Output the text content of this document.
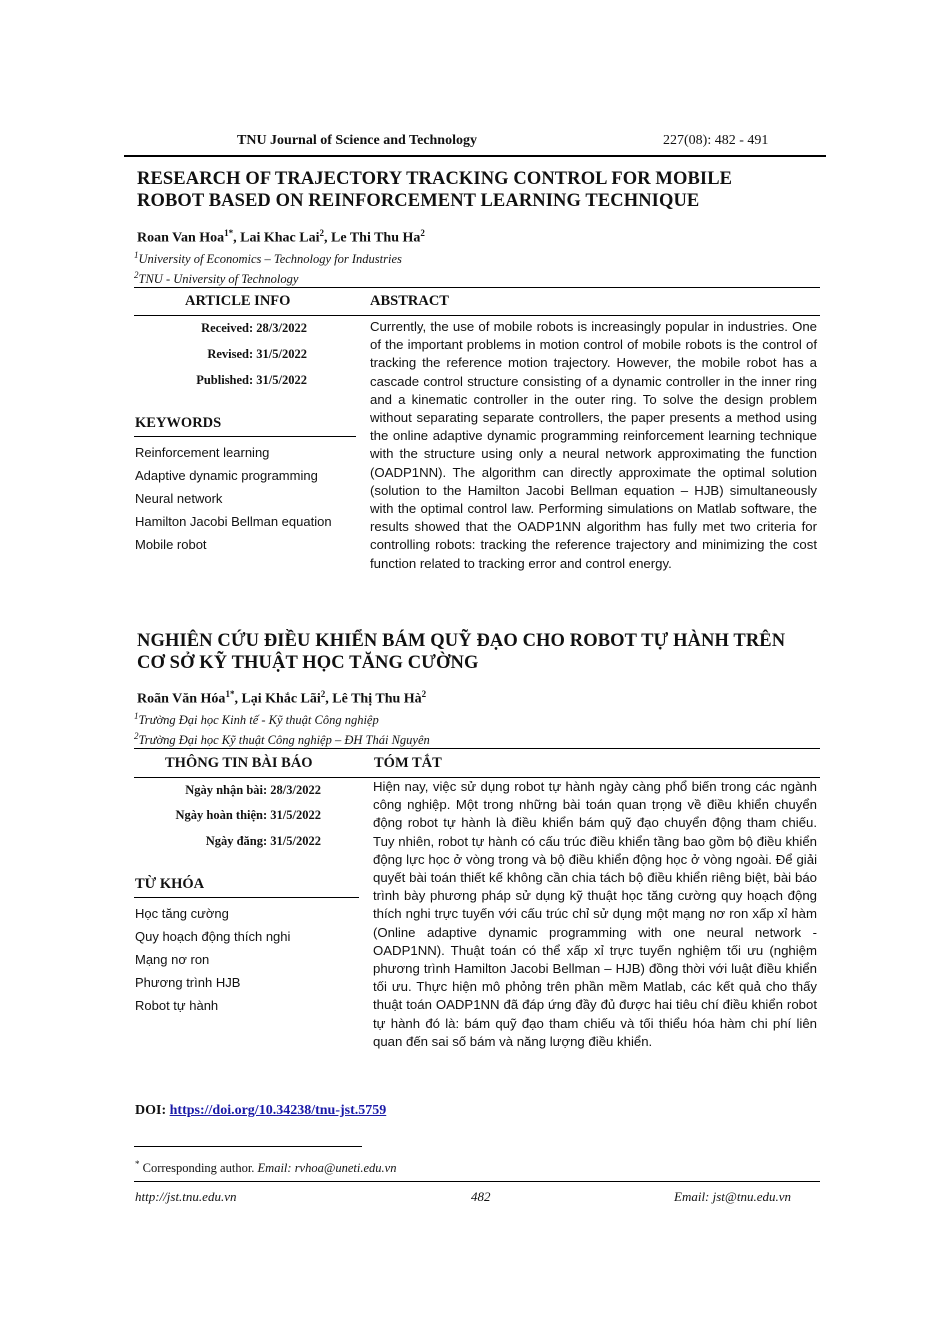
TNU Journal of Science and Technology	227(08): 482 - 491
RESEARCH OF TRAJECTORY TRACKING CONTROL FOR MOBILE
ROBOT BASED ON REINFORCEMENT LEARNING TECHNIQUE
Roan Van Hoa$^{1*}$, Lai Khac Lai$^2$, Le Thi Thu Ha$^2$
$^1$University of Economics – Technology for Industries
$^2$TNU - University of Technology
ARTICLE INFO	ABSTRACT
Received: 28/3/2022
Revised: 31/5/2022
Published: 31/5/2022
KEYWORDS
Reinforcement learning
Adaptive dynamic programming
Neural network
Hamilton Jacobi Bellman equation
Mobile robot
Currently, the use of mobile robots is increasingly popular in industries. One of the important problems in motion control of mobile robots is the control of tracking the reference motion trajectory. However, the mobile robot has a cascade control structure consisting of a dynamic controller in the inner ring and a kinematic controller in the outer ring. To solve the design problem without separating separate controllers, the paper presents a method using the online adaptive dynamic programming reinforcement learning technique with the structure using only a neural network approximating the function (OADP1NN). The algorithm can directly approximate the optimal solution (solution to the Hamilton Jacobi Bellman equation – HJB) simultaneously with the optimal control law. Performing simulations on Matlab software, the results showed that the OADP1NN algorithm has fully met two criteria for controlling robots: tracking the reference trajectory and minimizing the cost function related to tracking error and control energy.
NGHIÊN CỨU ĐIỀU KHIỂN BÁM QUỸ ĐẠO CHO ROBOT TỰ HÀNH TRÊN
CƠ SỞ KỸ THUẬT HỌC TĂNG CƯỜNG
Roãn Văn Hóa$^{1*}$, Lại Khắc Lãi$^2$, Lê Thị Thu $Hà^2$
$^1$Trường Đại học Kinh tế - Kỹ thuật Công nghiệp
$^2$Trường Đại học Kỹ thuật Công nghiệp – ĐH Thái Nguyên
THÔNG TIN BÀI BÁO	TÓM TẮT
Ngày nhận bài: 28/3/2022
Ngày hoàn thiện: 31/5/2022
Ngày đăng: 31/5/2022
TỪ KHÓA
Học tăng cường
Quy hoạch động thích nghi
Mạng nơ ron
Phương trình HJB
Robot tự hành
Hiện nay, việc sử dụng robot tự hành ngày càng phổ biến trong các ngành công nghiệp. Một trong những bài toán quan trọng về điều khiển chuyển động robot tự hành là điều khiển bám quỹ đạo chuyển động tham chiếu. Tuy nhiên, robot tự hành có cấu trúc điều khiển tầng bao gồm bộ điều khiển động lực học ở vòng trong và bộ điều khiển động học ở vòng ngoài. Để giải quyết bài toán thiết kế không cần chia tách bộ điều khiển riêng biệt, bài báo trình bày phương pháp sử dụng kỹ thuật học tăng cường quy hoạch động thích nghi trực tuyến với cấu trúc chỉ sử dụng một mạng nơ ron xấp xỉ hàm (Online adaptive dynamic programming with one neural network - OADP1NN). Thuật toán có thể xấp xỉ trực tuyến nghiệm tối ưu (nghiệm phương trình Hamilton Jacobi Bellman – HJB) đồng thời với luật điều khiển tối ưu. Thực hiện mô phỏng trên phần mềm Matlab, các kết quả cho thấy thuật toán OADP1NN đã đáp ứng đầy đủ được hai tiêu chí điều khiển robot tự hành đó là: bám quỹ đạo tham chiếu và tối thiểu hóa hàm chi phí liên quan đến sai số bám và năng lượng điều khiển.
DOI: https://doi.org/10.34238/tnu-jst.5759
* Corresponding author. Email: rvhoa@uneti.edu.vn
http://jst.tnu.edu.vn	482	Email: jst@tnu.edu.vn
